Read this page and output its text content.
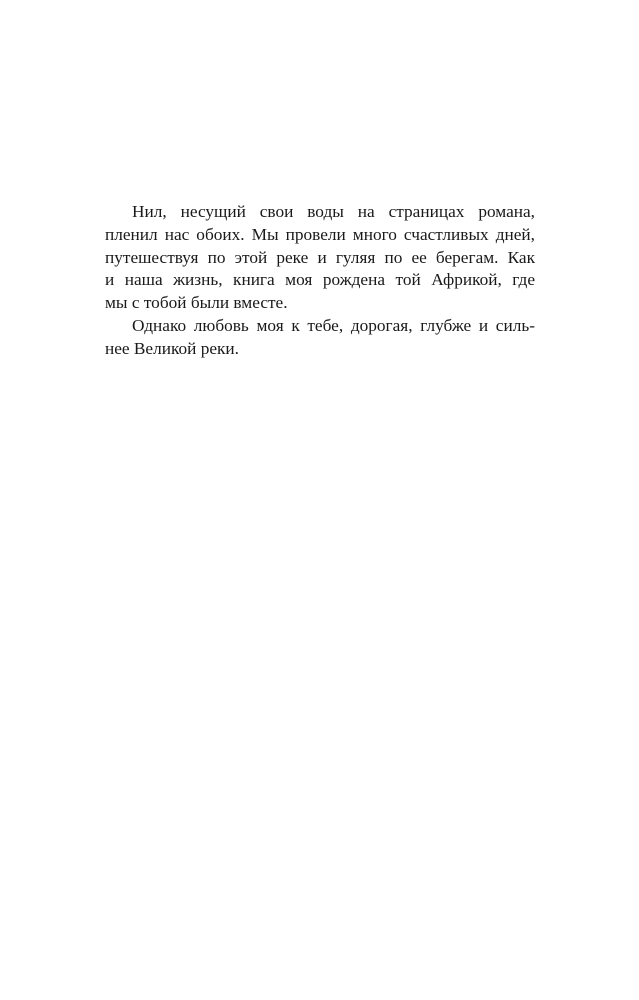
Нил, несущий свои воды на страницах романа,
пленил нас обоих. Мы провели много счастливых дней,
путешествуя по этой реке и гуляя по ее берегам. Как
и наша жизнь, книга моя рождена той Африкой, где
мы с тобой были вместе.

Однако любовь моя к тебе, дорогая, глубже и силь-
нее Великой реки.
